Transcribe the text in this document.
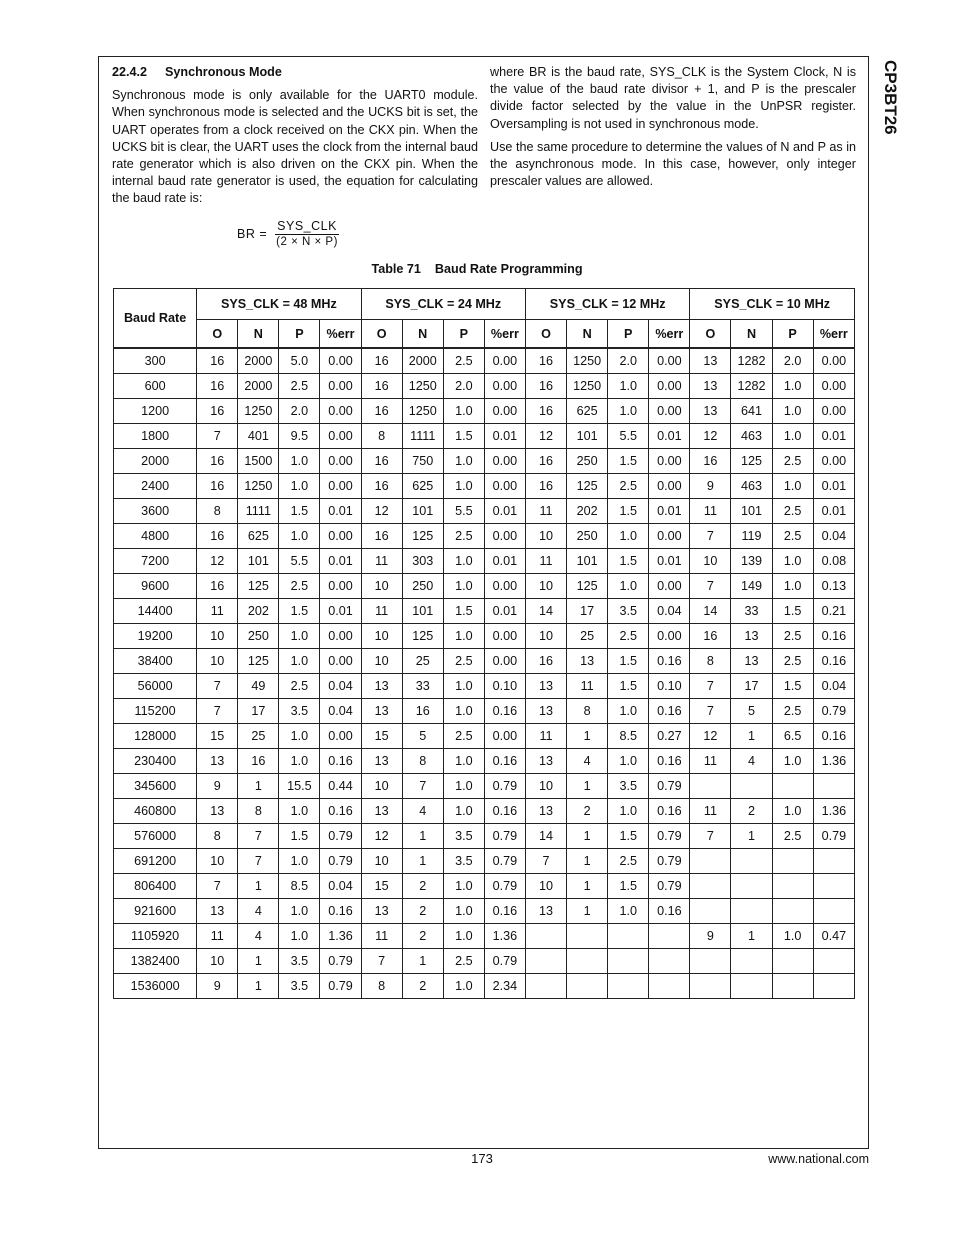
CP3BT26
22.4.2 Synchronous Mode

Synchronous mode is only available for the UART0 module. When synchronous mode is selected and the UCKS bit is set, the UART operates from a clock received on the CKX pin. When the UCKS bit is clear, the UART uses the clock from the internal baud rate generator which is also driven on the CKX pin. When the internal baud rate generator is used, the equation for calculating the baud rate is:

BR = $\frac{\text{SYS\_CLK}}{(2 \times N \times P)}$

where BR is the baud rate, SYS_CLK is the System Clock, N is the value of the baud rate divisor + 1, and P is the prescaler divide factor selected by the value in the UnPSR register. Oversampling is not used in synchronous mode.

Use the same procedure to determine the values of N and P as in the asynchronous mode. In this case, however, only integer prescaler values are allowed.

Table 71 Baud Rate Programming
Baud Rate	SYS_CLK = 48 MHz				SYS_CLK = 24 MHz				SYS_CLK = 12 MHz				SYS_CLK = 10 MHz			
	O	N	P	%err	O	N	P	%err	O	N	P	%err	O	N	P	%err
300	16	2000	5.0	0.00	16	2000	2.5	0.00	16	1250	2.0	0.00	13	1282	2.0	0.00
600	16	2000	2.5	0.00	16	1250	2.0	0.00	16	1250	1.0	0.00	13	1282	1.0	0.00
1200	16	1250	2.0	0.00	16	1250	1.0	0.00	16	625	1.0	0.00	13	641	1.0	0.00
1800	7	401	9.5	0.00	8	1111	1.5	0.01	12	101	5.5	0.01	12	463	1.0	0.01
2000	16	1500	1.0	0.00	16	750	1.0	0.00	16	250	1.5	0.00	16	125	2.5	0.00
2400	16	1250	1.0	0.00	16	625	1.0	0.00	16	125	2.5	0.00	9	463	1.0	0.01
3600	8	1111	1.5	0.01	12	101	5.5	0.01	11	202	1.5	0.01	11	101	2.5	0.01
4800	16	625	1.0	0.00	16	125	2.5	0.00	10	250	1.0	0.00	7	119	2.5	0.04
7200	12	101	5.5	0.01	11	303	1.0	0.01	11	101	1.5	0.01	10	139	1.0	0.08
9600	16	125	2.5	0.00	10	250	1.0	0.00	10	125	1.0	0.00	7	149	1.0	0.13
14400	11	202	1.5	0.01	11	101	1.5	0.01	14	17	3.5	0.04	14	33	1.5	0.21
19200	10	250	1.0	0.00	10	125	1.0	0.00	10	25	2.5	0.00	16	13	2.5	0.16
38400	10	125	1.0	0.00	10	25	2.5	0.00	16	13	1.5	0.16	8	13	2.5	0.16
56000	7	49	2.5	0.04	13	33	1.0	0.10	13	11	1.5	0.10	7	17	1.5	0.04
115200	7	17	3.5	0.04	13	16	1.0	0.16	13	8	1.0	0.16	7	5	2.5	0.79
128000	15	25	1.0	0.00	15	5	2.5	0.00	11	1	8.5	0.27	12	1	6.5	0.16
230400	13	16	1.0	0.16	13	8	1.0	0.16	13	4	1.0	0.16	11	4	1.0	1.36
345600	9	1	15.5	0.44	10	7	1.0	0.79	10	1	3.5	0.79				
460800	13	8	1.0	0.16	13	4	1.0	0.16	13	2	1.0	0.16	11	2	1.0	1.36
576000	8	7	1.5	0.79	12	1	3.5	0.79	14	1	1.5	0.79	7	1	2.5	0.79
691200	10	7	1.0	0.79	10	1	3.5	0.79	7	1	2.5	0.79				
806400	7	1	8.5	0.04	15	2	1.0	0.79	10	1	1.5	0.79				
921600	13	4	1.0	0.16	13	2	1.0	0.16	13	1	1.0	0.16				
1105920	11	4	1.0	1.36	11	2	1.0	1.36					9	1	1.0	0.47
1382400	10	1	3.5	0.79	7	1	2.5	0.79								
1536000	9	1	3.5	0.79	8	2	1.0	2.34								
173	www.national.com
